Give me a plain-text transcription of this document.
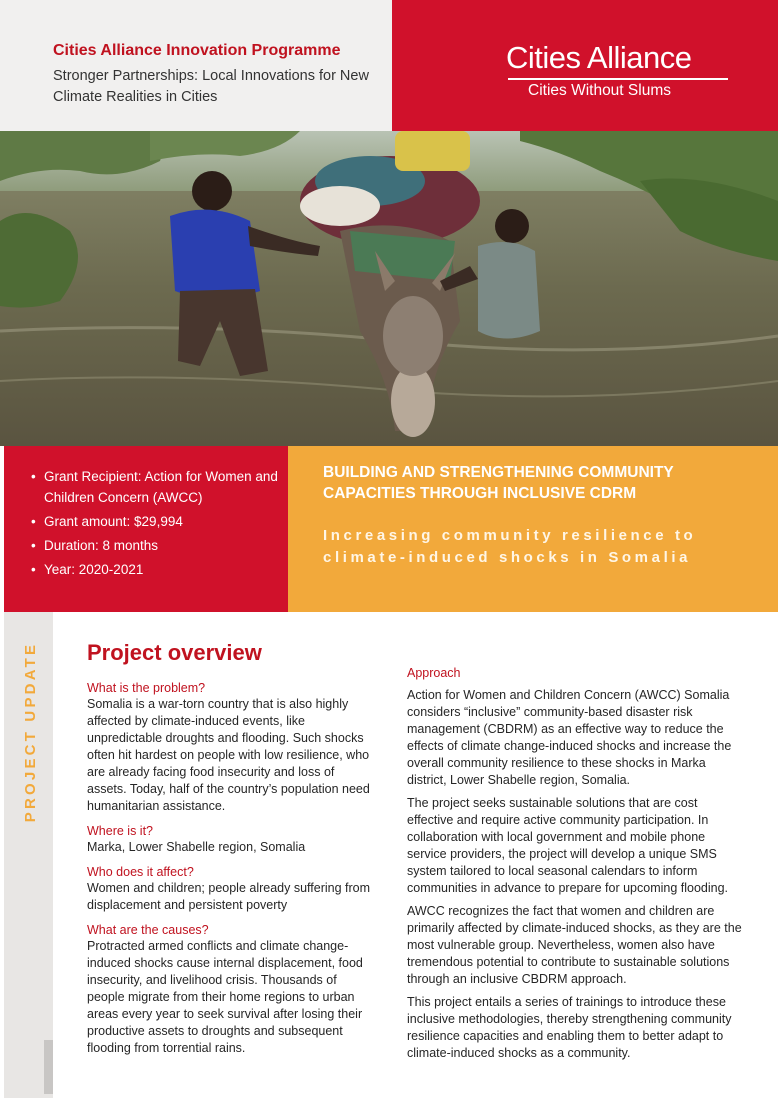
Cities Alliance Innovation Programme
Stronger Partnerships: Local Innovations for New Climate Realities in Cities
Cities Alliance
Cities Without Slums
• Grant Recipient: Action for Women and Children Concern (AWCC)
• Grant amount: $29,994
• Duration: 8 months
• Year: 2020-2021
BUILDING AND STRENGTHENING COMMUNITY CAPACITIES THROUGH INCLUSIVE CDRM
Increasing community resilience to climate-induced shocks in Somalia
PROJECT UPDATE Project overview
What is the problem?
Somalia is a war-torn country that is also highly affected by climate-induced events, like unpredictable droughts and flooding. Such shocks often hit hardest on people with low resilience, who are already facing food insecurity and loss of assets. Today, half of the country’s population need humanitarian assistance.
Where is it?
Marka, Lower Shabelle region, Somalia
Who does it affect?
Women and children; people already suffering from displacement and persistent poverty
What are the causes?
Protracted armed conflicts and climate change-induced shocks cause internal displacement, food insecurity, and livelihood crisis. Thousands of people migrate from their home regions to urban areas every year to seek survival after losing their productive assets to droughts and subsequent flooding from torrential rains.
Approach
Action for Women and Children Concern (AWCC) Somalia considers “inclusive” community-based disaster risk management (CBDRM) as an effective way to reduce the effects of climate change-induced shocks and increase the overall community resilience to these shocks in Marka district, Lower Shabelle region, Somalia.
The project seeks sustainable solutions that are cost effective and require active community participation. In collaboration with local government and mobile phone service providers, the project will develop a unique SMS system tailored to local seasonal calendars to inform communities in advance to prepare for upcoming flooding.
AWCC recognizes the fact that women and children are primarily affected by climate-induced shocks, as they are the most vulnerable group. Nevertheless, women also have tremendous potential to contribute to sustainable solutions through an inclusive CBDRM approach.
This project entails a series of trainings to introduce these inclusive methodologies, thereby strengthening community resilience capacities and enabling them to better adapt to climate-induced shocks as a community.
